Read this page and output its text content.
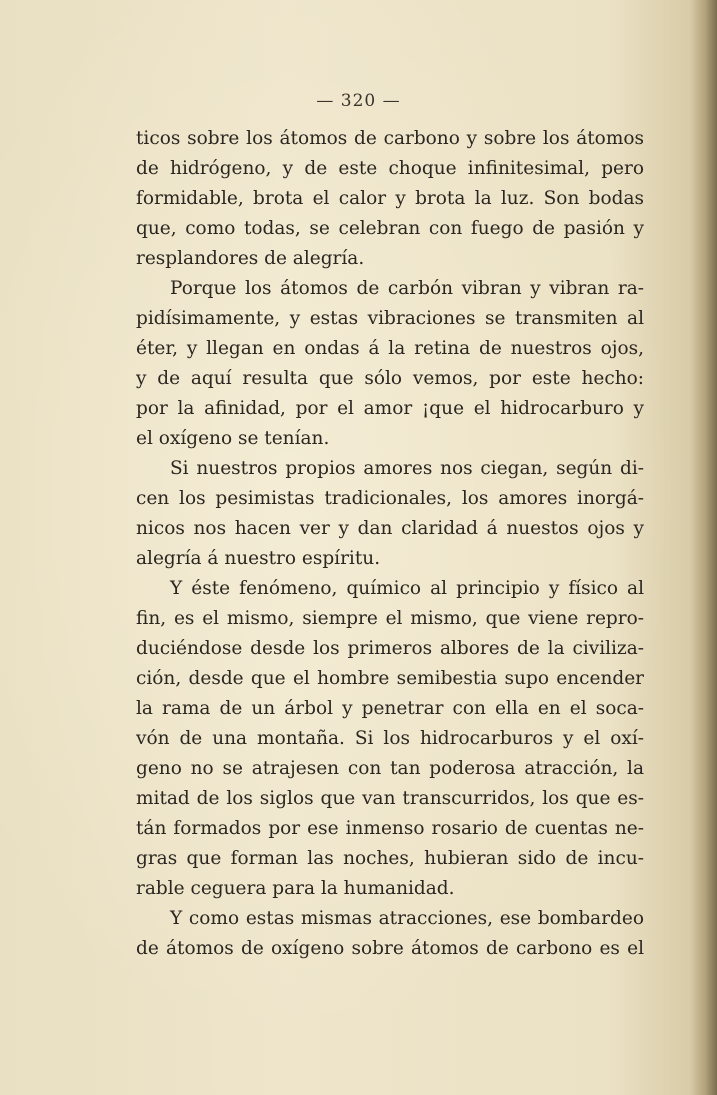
— 320 —
ticos sobre los átomos de carbono y sobre los átomos
de hidrógeno, y de este choque infinitesimal, pero
formidable, brota el calor y brota la luz. Son bodas
que, como todas, se celebran con fuego de pasión y
resplandores de alegría.
Porque los átomos de carbón vibran y vibran ra-
pidísimamente, y estas vibraciones se transmiten al
éter, y llegan en ondas á la retina de nuestros ojos,
y de aquí resulta que sólo vemos, por este hecho:
por la afinidad, por el amor ¡que el hidrocarburo y
el oxígeno se tenían.
Si nuestros propios amores nos ciegan, según di-
cen los pesimistas tradicionales, los amores inorgá-
nicos nos hacen ver y dan claridad á nuestos ojos y
alegría á nuestro espíritu.
Y éste fenómeno, químico al principio y físico al
fin, es el mismo, siempre el mismo, que viene repro-
duciéndose desde los primeros albores de la civiliza-
ción, desde que el hombre semibestia supo encender
la rama de un árbol y penetrar con ella en el soca-
vón de una montaña. Si los hidrocarburos y el oxí-
geno no se atrajesen con tan poderosa atracción, la
mitad de los siglos que van transcurridos, los que es-
tán formados por ese inmenso rosario de cuentas ne-
gras que forman las noches, hubieran sido de incu-
rable ceguera para la humanidad.
Y como estas mismas atracciones, ese bombardeo
de átomos de oxígeno sobre átomos de carbono es el
